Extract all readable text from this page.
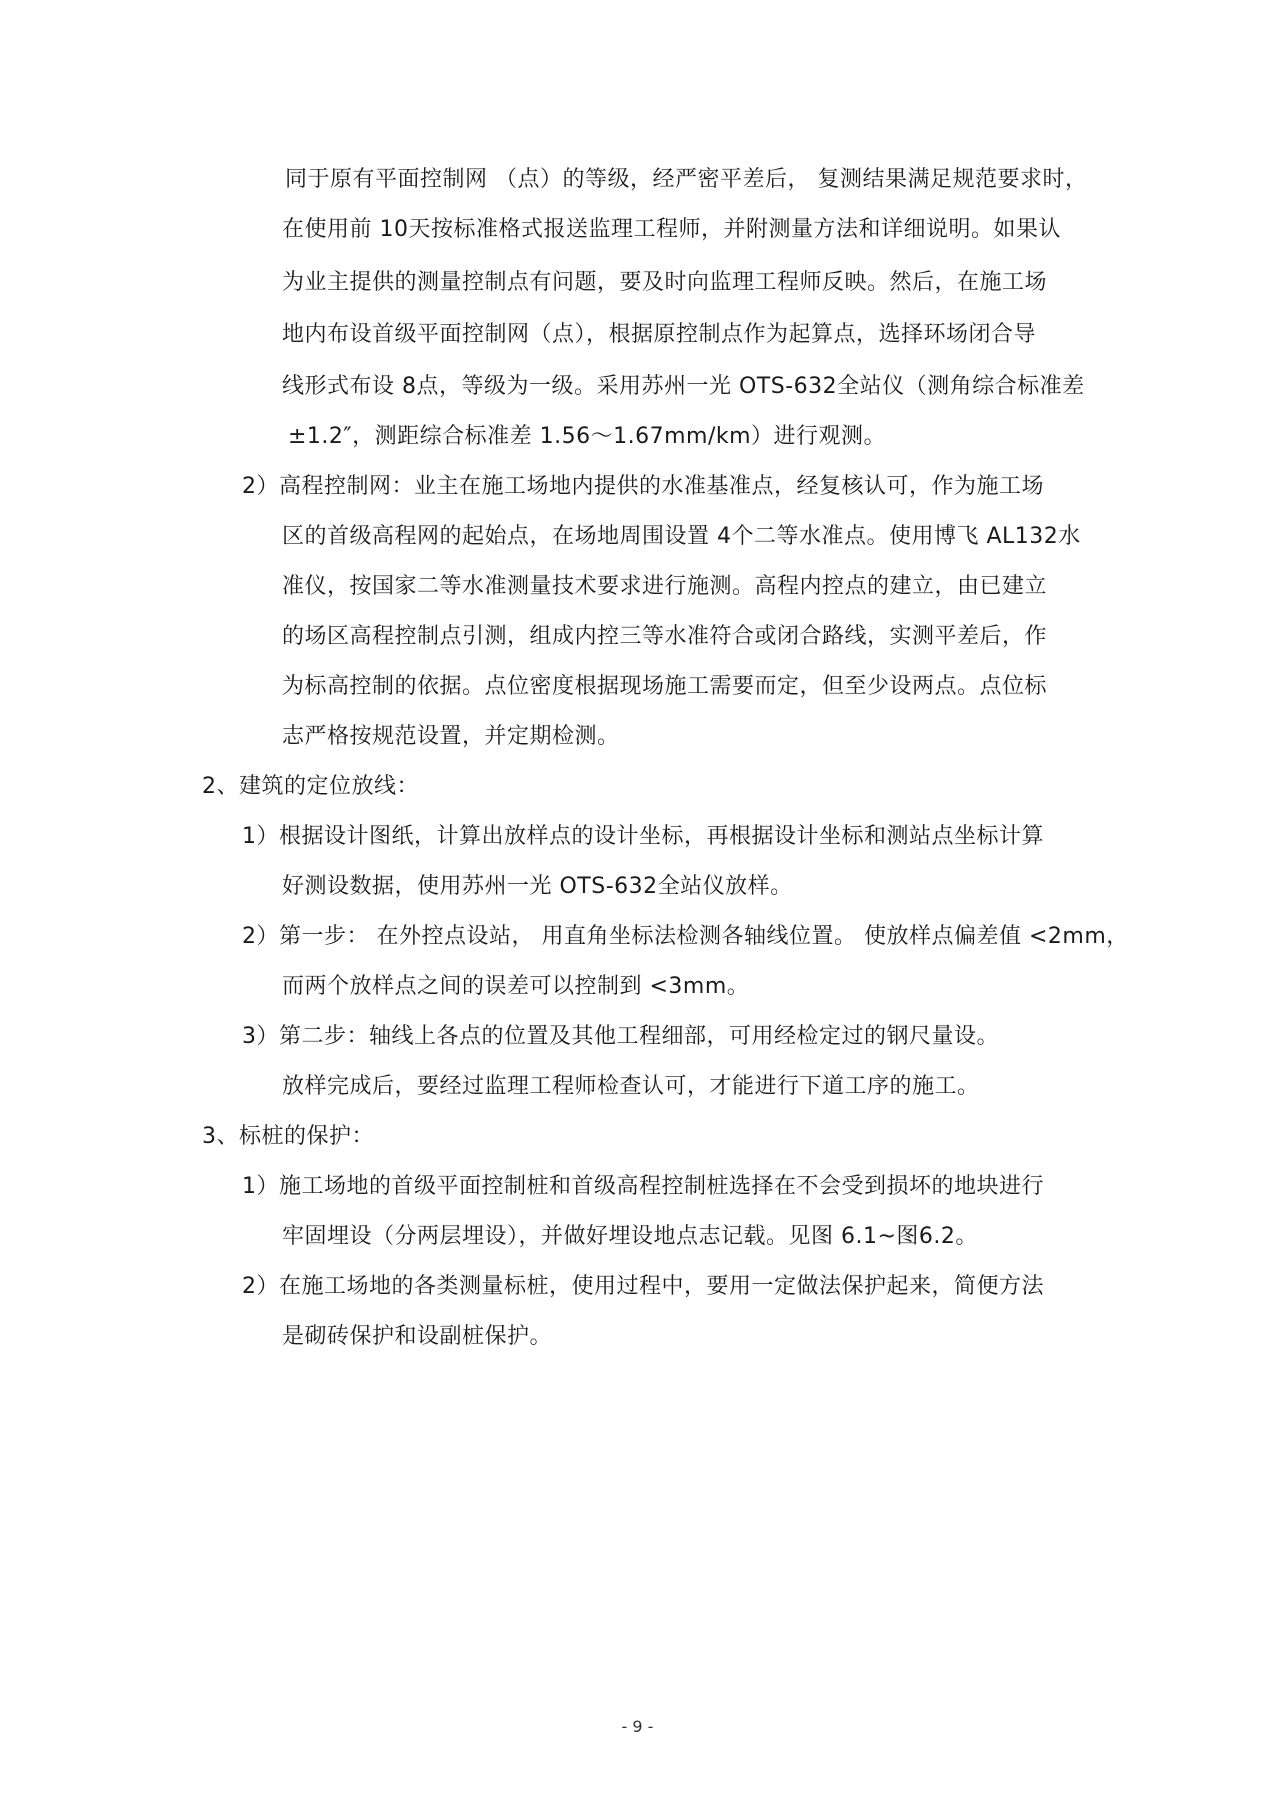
同于原有平面控制网 （点）的等级，经严密平差后， 复测结果满足规范要求时，
在使用前 10天按标准格式报送监理工程师，并附测量方法和详细说明。如果认
为业主提供的测量控制点有问题，要及时向监理工程师反映。然后，在施工场
地内布设首级平面控制网（点），根据原控制点作为起算点，选择环场闭合导
线形式布设 8点，等级为一级。采用苏州一光 OTS-632全站仪（测角综合标准差
±1.2″，测距综合标准差 1.56～1.67mm/km）进行观测。
2）高程控制网：业主在施工场地内提供的水准基准点，经复核认可，作为施工场
区的首级高程网的起始点，在场地周围设置 4个二等水准点。使用博飞 AL132水
准仪，按国家二等水准测量技术要求进行施测。高程内控点的建立，由已建立
的场区高程控制点引测，组成内控三等水准符合或闭合路线，实测平差后，作
为标高控制的依据。点位密度根据现场施工需要而定，但至少设两点。点位标
志严格按规范设置，并定期检测。
2、建筑的定位放线：
1）根据设计图纸，计算出放样点的设计坐标，再根据设计坐标和测站点坐标计算
好测设数据，使用苏州一光 OTS-632全站仪放样。
2）第一步： 在外控点设站， 用直角坐标法检测各轴线位置。 使放样点偏差值 <2mm，
而两个放样点之间的误差可以控制到 <3mm。
3）第二步：轴线上各点的位置及其他工程细部，可用经检定过的钢尺量设。
放样完成后，要经过监理工程师检查认可，才能进行下道工序的施工。
3、标桩的保护：
1）施工场地的首级平面控制桩和首级高程控制桩选择在不会受到损坏的地块进行
牢固埋设（分两层埋设），并做好埋设地点志记载。见图 6.1~图6.2。
2）在施工场地的各类测量标桩，使用过程中，要用一定做法保护起来，简便方法
是砌砖保护和设副桩保护。
- 9 -
